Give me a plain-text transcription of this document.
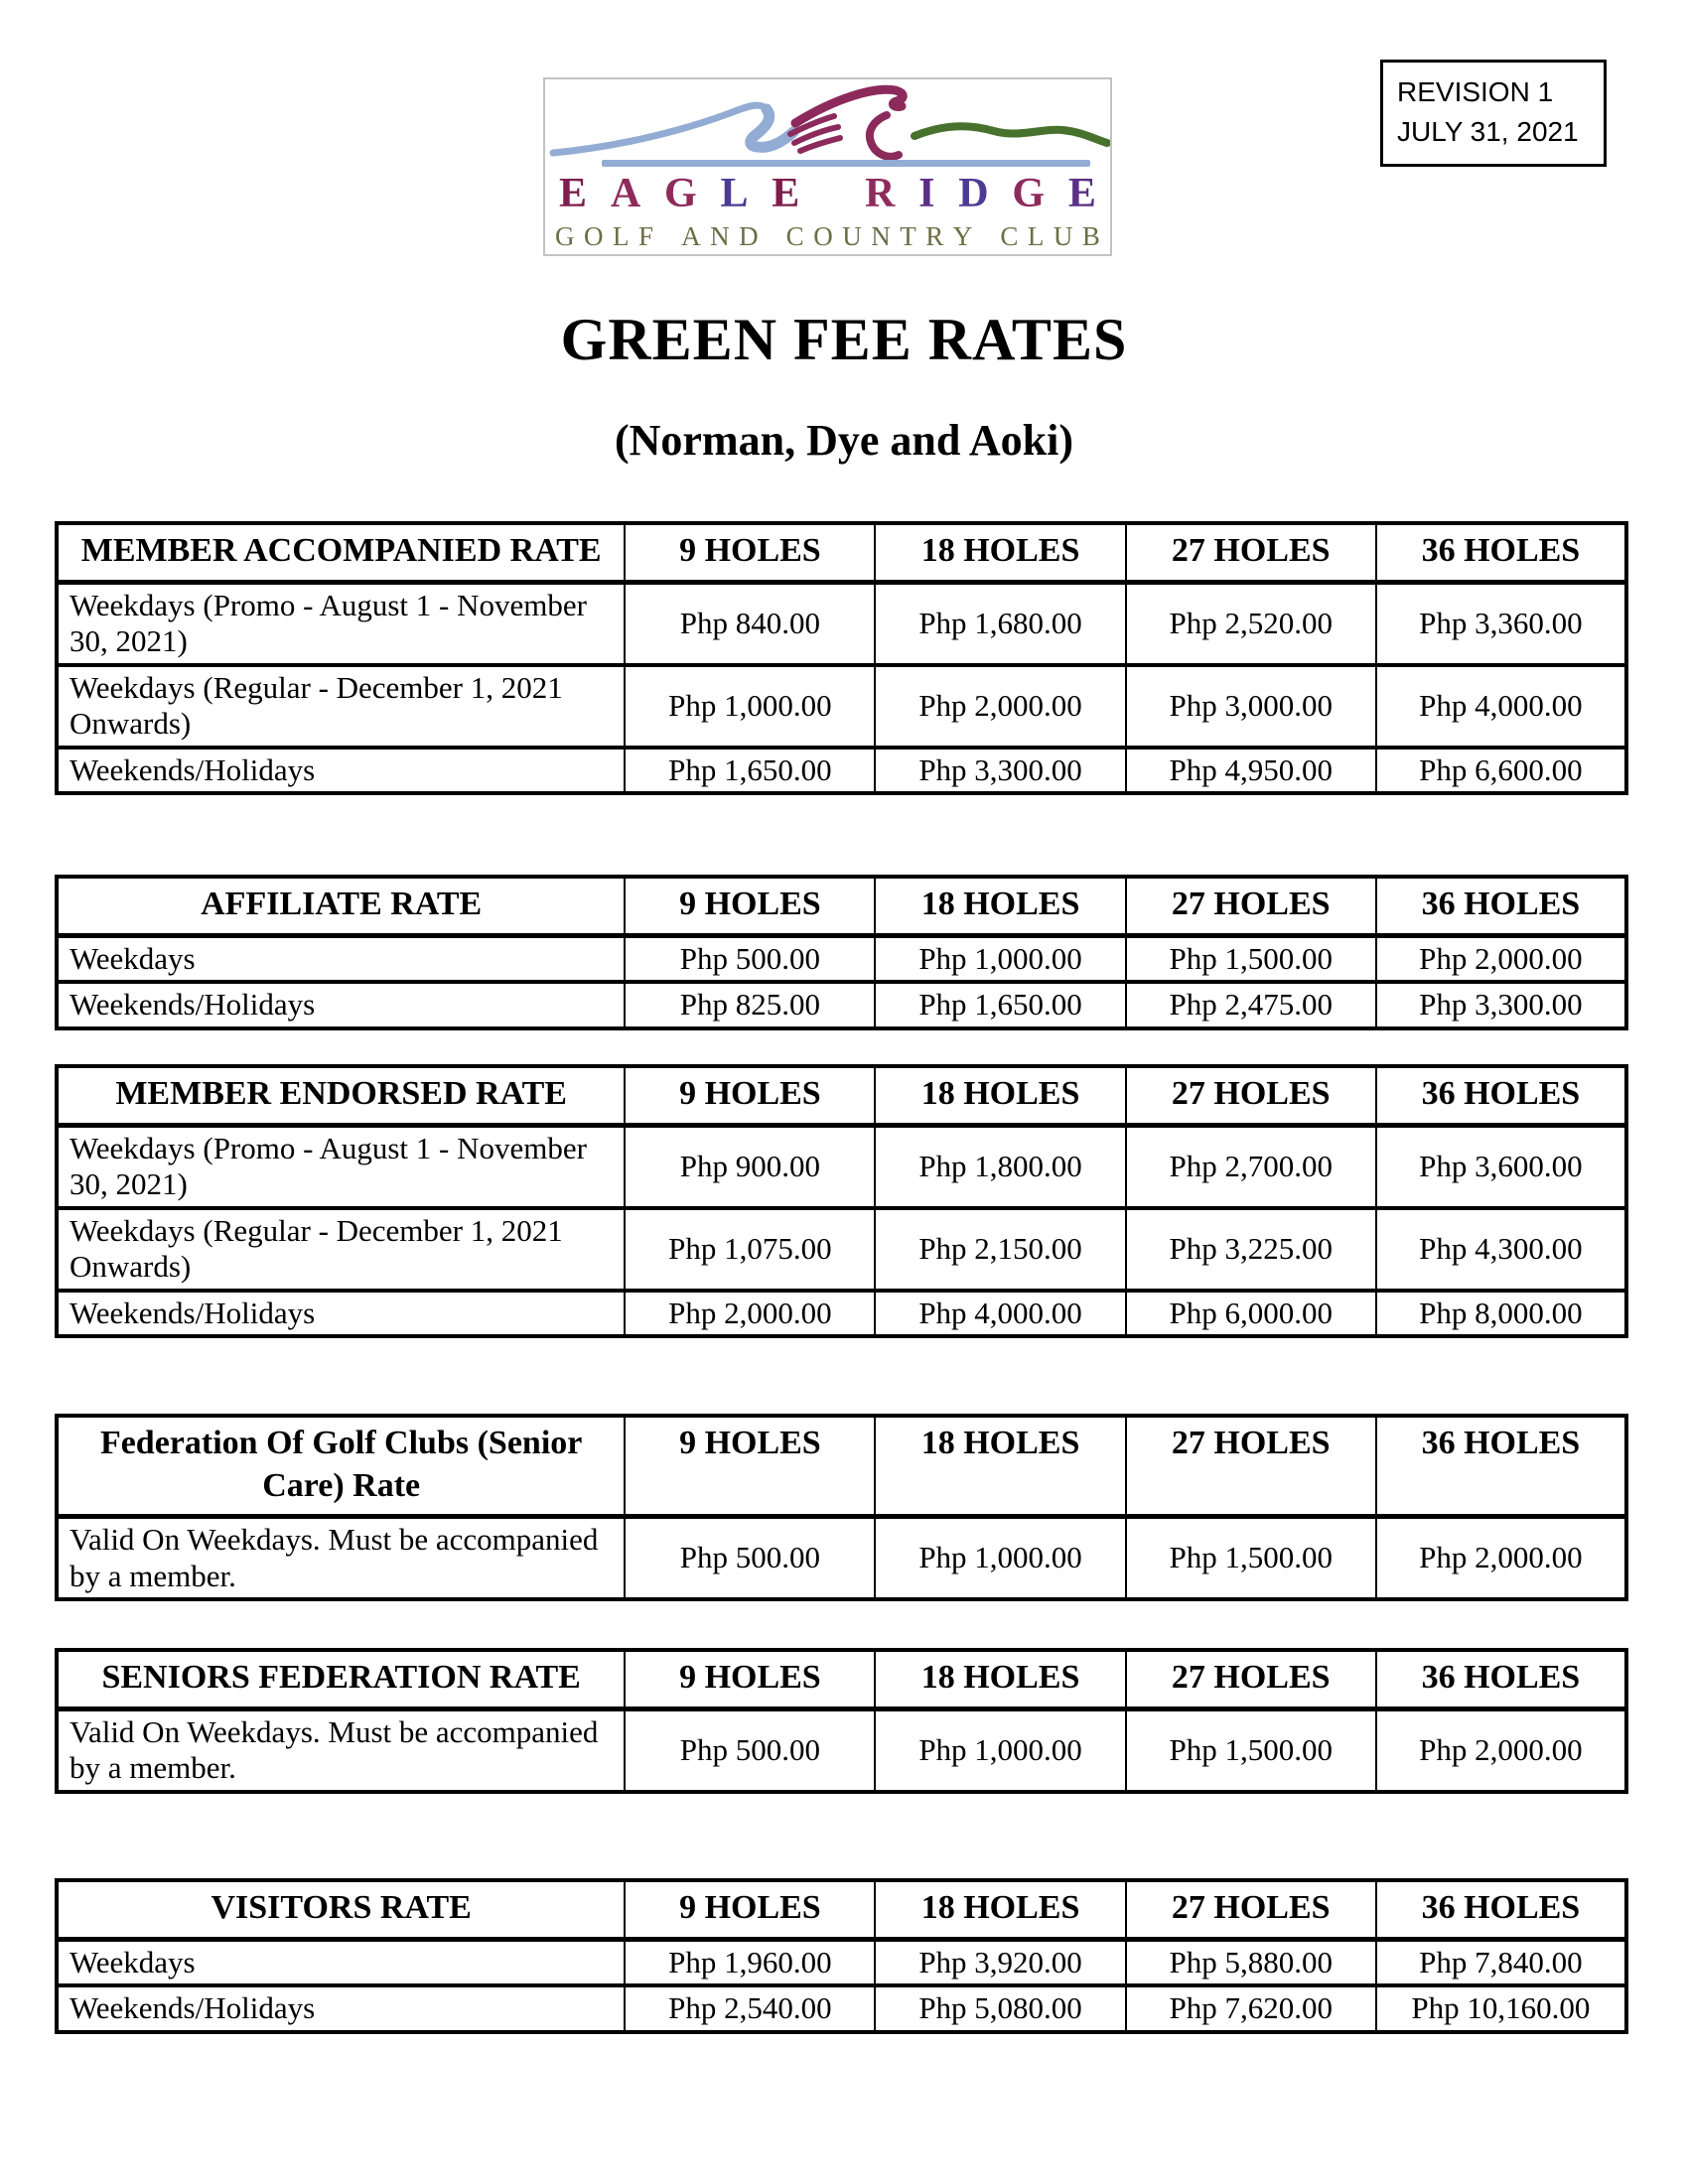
REVISION 1
JULY 31, 2021
E A G L E R I D G E
G O L F A N D C O U N T R Y C L U B
GREEN FEE RATES
(Norman, Dye and Aoki)
MEMBER ACCOMPANIED RATE	9 HOLES	18 HOLES	27 HOLES	36 HOLES
Weekdays (Promo - August 1 - November 30, 2021)	Php 840.00	Php 1,680.00	Php 2,520.00	Php 3,360.00
Weekdays (Regular - December 1, 2021 Onwards)	Php 1,000.00	Php 2,000.00	Php 3,000.00	Php 4,000.00
Weekends/Holidays	Php 1,650.00	Php 3,300.00	Php 4,950.00	Php 6,600.00
AFFILIATE RATE	9 HOLES	18 HOLES	27 HOLES	36 HOLES
Weekdays	Php 500.00	Php 1,000.00	Php 1,500.00	Php 2,000.00
Weekends/Holidays	Php 825.00	Php 1,650.00	Php 2,475.00	Php 3,300.00
MEMBER ENDORSED RATE	9 HOLES	18 HOLES	27 HOLES	36 HOLES
Weekdays (Promo - August 1 - November 30, 2021)	Php 900.00	Php 1,800.00	Php 2,700.00	Php 3,600.00
Weekdays (Regular - December 1, 2021 Onwards)	Php 1,075.00	Php 2,150.00	Php 3,225.00	Php 4,300.00
Weekends/Holidays	Php 2,000.00	Php 4,000.00	Php 6,000.00	Php 8,000.00
Federation Of Golf Clubs (Senior Care) Rate	9 HOLES	18 HOLES	27 HOLES	36 HOLES
Valid On Weekdays. Must be accompanied by a member.	Php 500.00	Php 1,000.00	Php 1,500.00	Php 2,000.00
SENIORS FEDERATION RATE	9 HOLES	18 HOLES	27 HOLES	36 HOLES
Valid On Weekdays. Must be accompanied by a member.	Php 500.00	Php 1,000.00	Php 1,500.00	Php 2,000.00
VISITORS RATE	9 HOLES	18 HOLES	27 HOLES	36 HOLES
Weekdays	Php 1,960.00	Php 3,920.00	Php 5,880.00	Php 7,840.00
Weekends/Holidays	Php 2,540.00	Php 5,080.00	Php 7,620.00	Php 10,160.00
